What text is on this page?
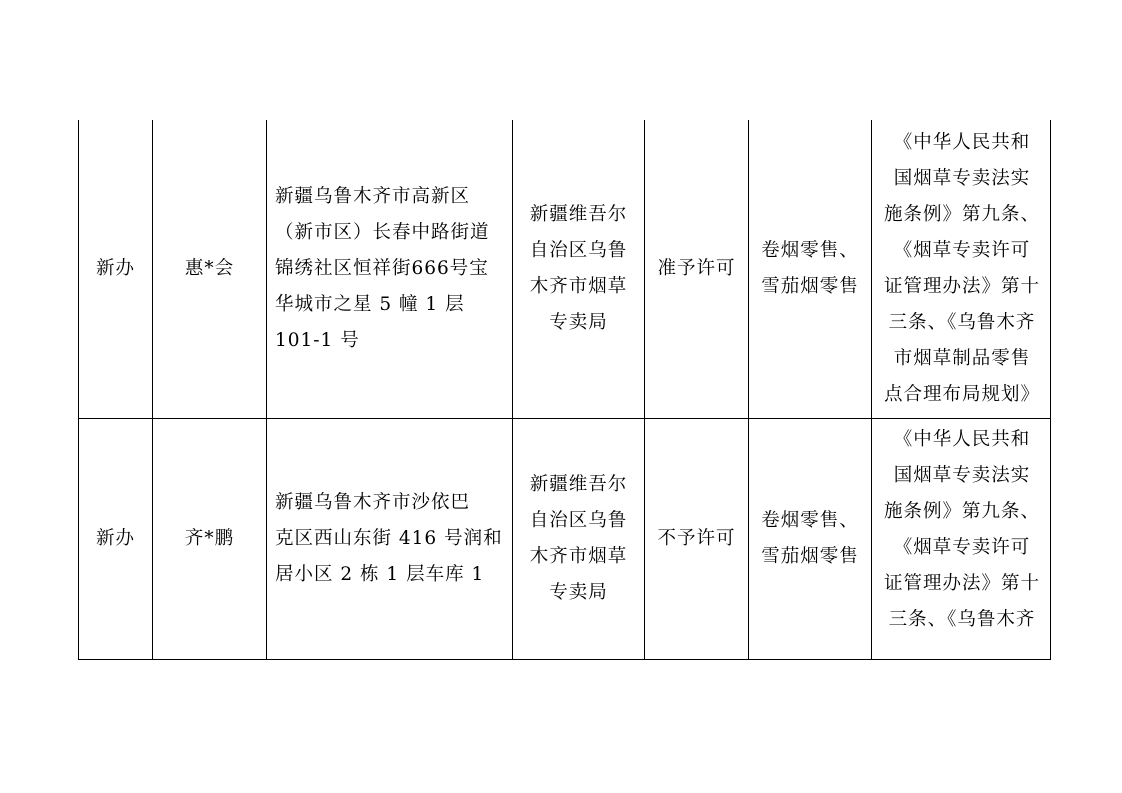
新办	惠*会
新疆乌鲁木齐市高新区
（新市区）长春中路街道
锦绣社区恒祥街666号宝
华城市之星 5 幢 1 层
101-1 号
新疆维吾尔
自治区乌鲁
木齐市烟草
专卖局
准予许可
卷烟零售、
雪茄烟零售
《中华人民共和
国烟草专卖法实
施条例》第九条、
《烟草专卖许可
证管理办法》第十
三条、《乌鲁木齐
市烟草制品零售
点合理布局规划》
新办	齐*鹏
新疆乌鲁木齐市沙依巴
克区西山东街 416 号润和
居小区 2 栋 1 层车库 1
新疆维吾尔
自治区乌鲁
木齐市烟草
专卖局
不予许可
卷烟零售、
雪茄烟零售
《中华人民共和
国烟草专卖法实
施条例》第九条、
《烟草专卖许可
证管理办法》第十
三条、《乌鲁木齐
